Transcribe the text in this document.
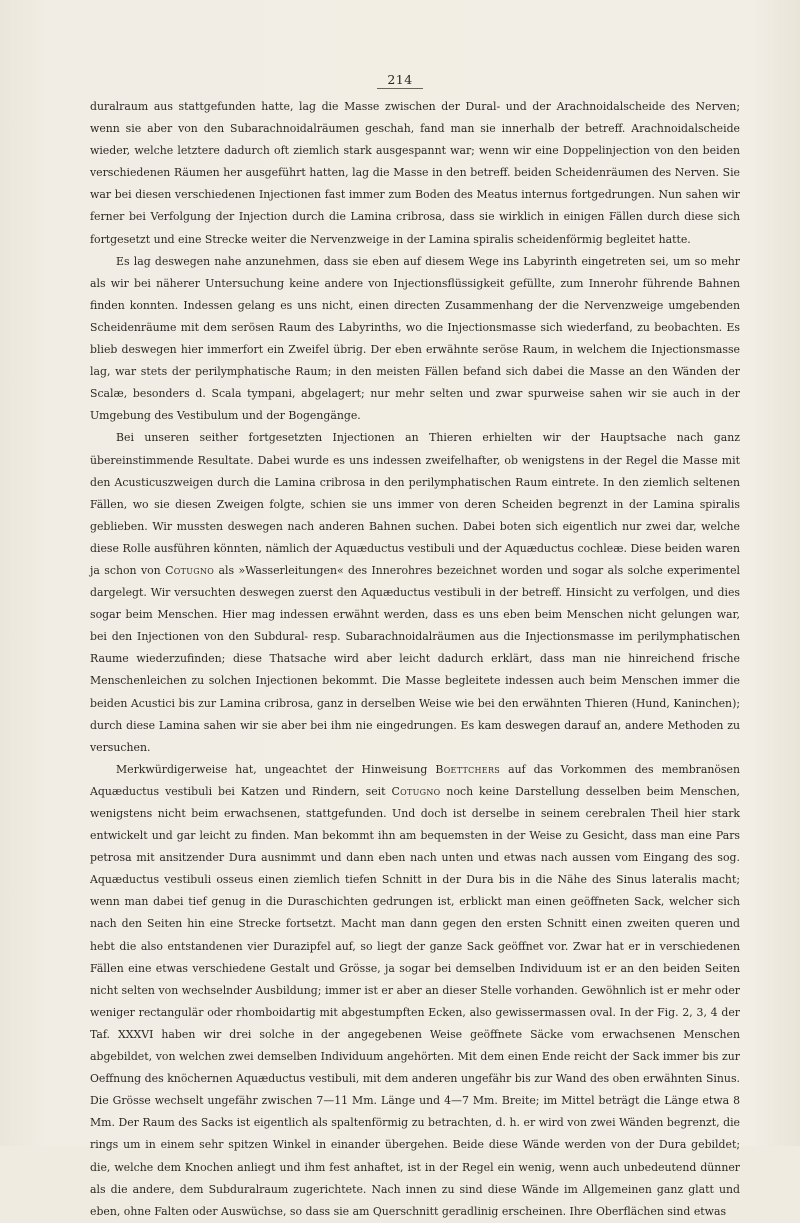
214

duralraum aus stattgefunden hatte, lag die Masse zwischen der Dural- und der Arachnoidalscheide des Nerven; wenn sie aber von den Subarachnoidalräumen geschah, fand man sie innerhalb der betreff. Arachnoidalscheide wieder, welche letztere dadurch oft ziemlich stark ausgespannt war; wenn wir eine Doppelinjection von den beiden verschiedenen Räumen her ausgeführt hatten, lag die Masse in den betreff. beiden Scheidenräumen des Nerven. Sie war bei diesen verschiedenen Injectionen fast immer zum Boden des Meatus internus fortgedrungen. Nun sahen wir ferner bei Verfolgung der Injection durch die Lamina cribrosa, dass sie wirklich in einigen Fällen durch diese sich fortgesetzt und eine Strecke weiter die Nervenzweige in der Lamina spiralis scheidenförmig begleitet hatte.

Es lag deswegen nahe anzunehmen, dass sie eben auf diesem Wege ins Labyrinth eingetreten sei, um so mehr als wir bei näherer Untersuchung keine andere von Injectionsflüssigkeit gefüllte, zum Innerohr führende Bahnen finden konnten. Indessen gelang es uns nicht, einen directen Zusammenhang der die Nervenzweige umgebenden Scheidenräume mit dem serösen Raum des Labyrinths, wo die Injectionsmasse sich wiederfand, zu beobachten. Es blieb deswegen hier immerfort ein Zweifel übrig. Der eben erwähnte seröse Raum, in welchem die Injectionsmasse lag, war stets der perilymphatische Raum; in den meisten Fällen befand sich dabei die Masse an den Wänden der Scalæ, besonders d. Scala tympani, abgelagert; nur mehr selten und zwar spurweise sahen wir sie auch in der Umgebung des Vestibulum und der Bogengänge.

Bei unseren seither fortgesetzten Injectionen an Thieren erhielten wir der Hauptsache nach ganz übereinstimmende Resultate. Dabei wurde es uns indessen zweifelhafter, ob wenigstens in der Regel die Masse mit den Acusticuszweigen durch die Lamina cribrosa in den perilymphatischen Raum eintrete. In den ziemlich seltenen Fällen, wo sie diesen Zweigen folgte, schien sie uns immer von deren Scheiden begrenzt in der Lamina spiralis geblieben. Wir mussten deswegen nach anderen Bahnen suchen. Dabei boten sich eigentlich nur zwei dar, welche diese Rolle ausführen könnten, nämlich der Aquæductus vestibuli und der Aquæductus cochleæ. Diese beiden waren ja schon von Cotugno als »Wasserleitungen« des Innerohres bezeichnet worden und sogar als solche experimentel dargelegt. Wir versuchten deswegen zuerst den Aquæductus vestibuli in der betreff. Hinsicht zu verfolgen, und dies sogar beim Menschen. Hier mag indessen erwähnt werden, dass es uns eben beim Menschen nicht gelungen war, bei den Injectionen von den Subdural- resp. Subarachnoidalräumen aus die Injectionsmasse im perilymphatischen Raume wiederzufinden; diese Thatsache wird aber leicht dadurch erklärt, dass man nie hinreichend frische Menschenleichen zu solchen Injectionen bekommt. Die Masse begleitete indessen auch beim Menschen immer die beiden Acustici bis zur Lamina cribrosa, ganz in derselben Weise wie bei den erwähnten Thieren (Hund, Kaninchen); durch diese Lamina sahen wir sie aber bei ihm nie eingedrungen. Es kam deswegen darauf an, andere Methoden zu versuchen.

Merkwürdigerweise hat, ungeachtet der Hinweisung Boettchers auf das Vorkommen des membranösen Aquæductus vestibuli bei Katzen und Rindern, seit Cotugno noch keine Darstellung desselben beim Menschen, wenigstens nicht beim erwachsenen, stattgefunden. Und doch ist derselbe in seinem cerebralen Theil hier stark entwickelt und gar leicht zu finden. Man bekommt ihn am bequemsten in der Weise zu Gesicht, dass man eine Pars petrosa mit ansitzender Dura ausnimmt und dann eben nach unten und etwas nach aussen vom Eingang des sog. Aquæductus vestibuli osseus einen ziemlich tiefen Schnitt in der Dura bis in die Nähe des Sinus lateralis macht; wenn man dabei tief genug in die Duraschichten gedrungen ist, erblickt man einen geöffneten Sack, welcher sich nach den Seiten hin eine Strecke fortsetzt. Macht man dann gegen den ersten Schnitt einen zweiten queren und hebt die also entstandenen vier Durazipfel auf, so liegt der ganze Sack geöffnet vor. Zwar hat er in verschiedenen Fällen eine etwas verschiedene Gestalt und Grösse, ja sogar bei demselben Individuum ist er an den beiden Seiten nicht selten von wechselnder Ausbildung; immer ist er aber an dieser Stelle vorhanden. Gewöhnlich ist er mehr oder weniger rectangulär oder rhomboidartig mit abgestumpften Ecken, also gewissermassen oval. In der Fig. 2, 3, 4 der Taf. XXXVI haben wir drei solche in der angegebenen Weise geöffnete Säcke vom erwachsenen Menschen abgebildet, von welchen zwei demselben Individuum angehörten. Mit dem einen Ende reicht der Sack immer bis zur Oeffnung des knöchernen Aquæductus vestibuli, mit dem anderen ungefähr bis zur Wand des oben erwähnten Sinus. Die Grösse wechselt ungefähr zwischen 7—11 Mm. Länge und 4—7 Mm. Breite; im Mittel beträgt die Länge etwa 8 Mm. Der Raum des Sacks ist eigentlich als spaltenförmig zu betrachten, d. h. er wird von zwei Wänden begrenzt, die rings um in einem sehr spitzen Winkel in einander übergehen. Beide diese Wände werden von der Dura gebildet; die, welche dem Knochen anliegt und ihm fest anhaftet, ist in der Regel ein wenig, wenn auch unbedeutend dünner als die andere, dem Subduralraum zugerichtete. Nach innen zu sind diese Wände im Allgemeinen ganz glatt und eben, ohne Falten oder Auswüchse, so dass sie am Querschnitt geradlinig erscheinen. Ihre Oberflächen sind etwas
